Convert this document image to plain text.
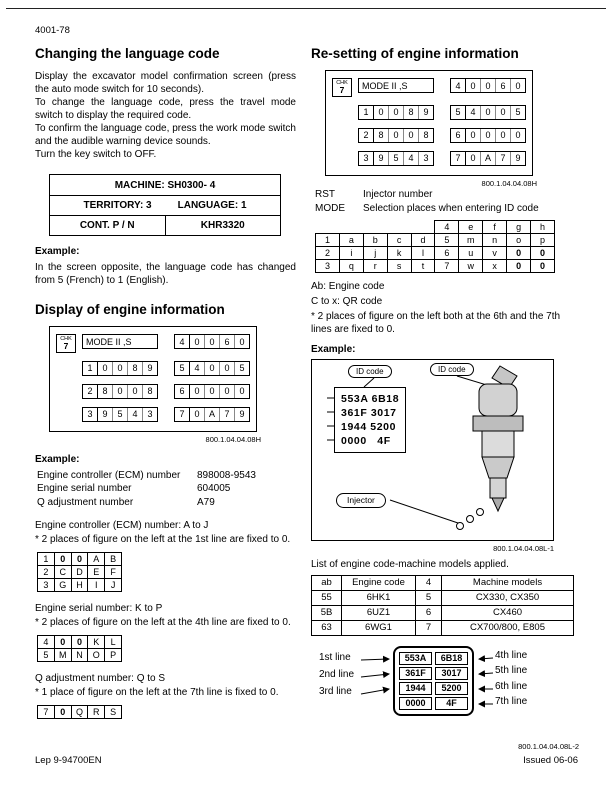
4001-78
Changing the language code

Display the excavator model confirmation screen (press the auto mode switch for 10 seconds).

To change the language code, press the travel mode switch to display the required code.

To confirm the language code, press the work mode switch and the audible warning device sounds.

Turn the key switch to OFF.

MACHINE: SH0300- 4
TERRITORY: 3	LANGUAGE: 1
CONT. P / N	KHR3320

Example:

In the screen opposite, the language code has changed from 5 (French) to 1 (English).

Display of engine information
CHK
7	MODE II ,S	4	0	0	6	0
1	0	0	8	9	5	4	0	0	5
2	8	0	0	8	6	0	0	0	0
3	9	5	4	3	7	0	A	7	9
800.1.04.04.08H

Example:

Engine controller (ECM) number	898008-9543
Engine serial number	604005
Q adjustment number	A79

Engine controller (ECM) number: A to J

* 2 places of figure on the left at the 1st line are fixed to 0.

1	0	0	A	B
2	C	D	E	F
3	G	H	I	J

Engine serial number: K to P

* 2 places of figure on the left at the 4th line are fixed to 0.

4	0	0	K	L
5	M	N	O	P

Q adjustment number: Q to S

* 1 place of figure on the left at the 7th line is fixed to 0.

7	0	Q	R	S
Re-setting of engine information
CHK
7	MODE II ,S	4	0	0	6	0
1	0	0	8	9	5	4	0	0	5
2	8	0	0	8	6	0	0	0	0
3	9	5	4	3	7	0	A	7	9
800.1.04.04.08H
RST	Injector number
MODE	Selection places when entering ID code
					4	e	f	g	h
1	a	b	c	d	5	m	n	o	p
2	i	j	k	l	6	u	v	0	0
3	q	r	s	t	7	w	x	0	0

Ab: Engine code

C to x: QR code

* 2 places of figure on the left both at the 6th and the 7th lines are fixed to 0.

Example:

ID code	ID code
553A 6B18
361F 3017
1944 5200
0000   4F
Injector
800.1.04.04.08L-1

List of engine code-machine models applied.

ab	Engine code	4	Machine models
55	6HK1	5	CX330, CX350
5B	6UZ1	6	CX460
63	6WG1	7	CX700/800, E805
1st line
2nd line
3rd line
553A	6B18
361F	3017
1944	5200
0000	4F
4th line
5th line
6th line
7th line
800.1.04.04.08L-2
Lep 9-94700EN	Issued 06-06
